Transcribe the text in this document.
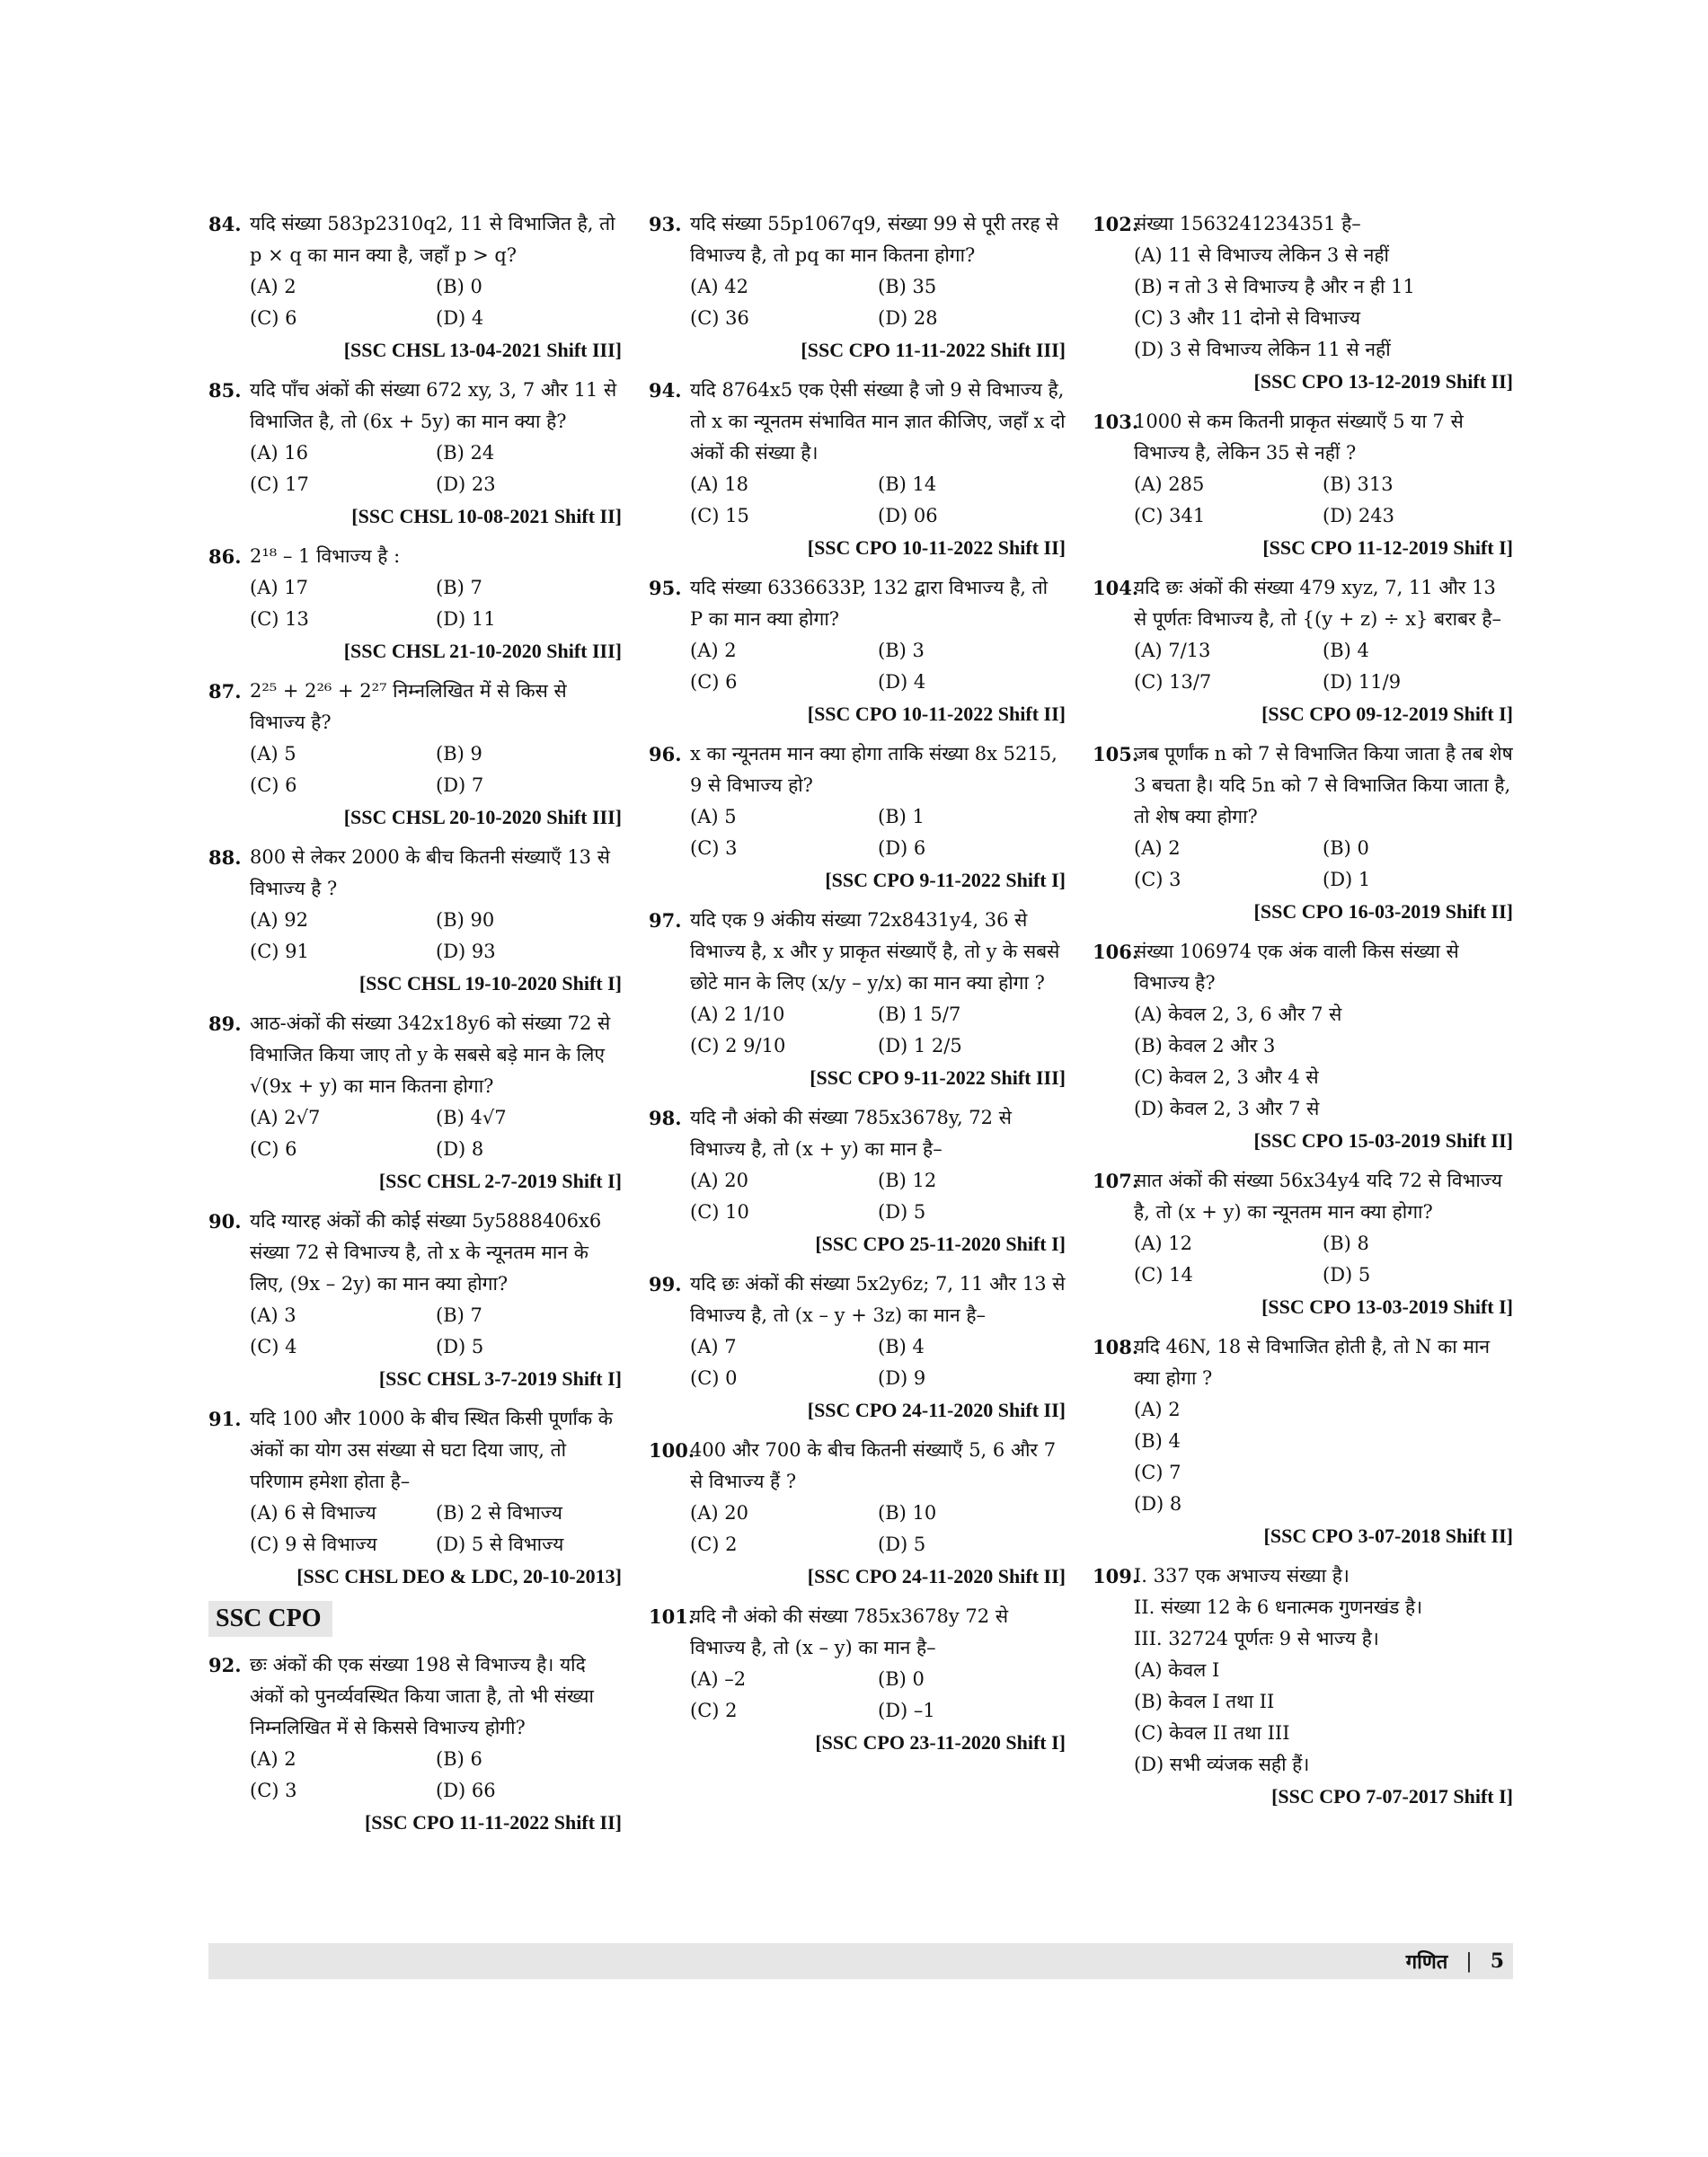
84. यदि संख्या 583p2310q2, 11 से विभाजित है, तो p × q का मान क्या है, जहाँ p > q?
(A) 2	(B) 0
(C) 6	(D) 4
[SSC CHSL 13-04-2021 Shift III]
85. यदि पाँच अंकों की संख्या 672 xy, 3, 7 और 11 से विभाजित है, तो (6x + 5y) का मान क्या है?
(A) 16	(B) 24
(C) 17	(D) 23
[SSC CHSL 10-08-2021 Shift II]
86. 2¹⁸ – 1 विभाज्य है :
(A) 17	(B) 7
(C) 13	(D) 11
[SSC CHSL 21-10-2020 Shift III]
87. 2²⁵ + 2²⁶ + 2²⁷ निम्नलिखित में से किस से विभाज्य है?
(A) 5	(B) 9
(C) 6	(D) 7
[SSC CHSL 20-10-2020 Shift III]
88. 800 से लेकर 2000 के बीच कितनी संख्याएँ 13 से विभाज्य है ?
(A) 92	(B) 90
(C) 91	(D) 93
[SSC CHSL 19-10-2020 Shift I]
89. आठ-अंकों की संख्या 342x18y6 को संख्या 72 से विभाजित किया जाए तो y के सबसे बड़े मान के लिए √(9x + y) का मान कितना होगा?
(A) 2√7	(B) 4√7
(C) 6	(D) 8
[SSC CHSL 2-7-2019 Shift I]
90. यदि ग्यारह अंकों की कोई संख्या 5y5888406x6 संख्या 72 से विभाज्य है, तो x के न्यूनतम मान के लिए, (9x – 2y) का मान क्या होगा?
(A) 3	(B) 7
(C) 4	(D) 5
[SSC CHSL 3-7-2019 Shift I]
91. यदि 100 और 1000 के बीच स्थित किसी पूर्णांक के अंकों का योग उस संख्या से घटा दिया जाए, तो परिणाम हमेशा होता है–
(A) 6 से विभाज्य	(B) 2 से विभाज्य
(C) 9 से विभाज्य	(D) 5 से विभाज्य
[SSC CHSL DEO & LDC, 20-10-2013]
SSC CPO
92. छः अंकों की एक संख्या 198 से विभाज्य है। यदि अंकों को पुनर्व्यवस्थित किया जाता है, तो भी संख्या निम्नलिखित में से किससे विभाज्य होगी?
(A) 2	(B) 6
(C) 3	(D) 66
[SSC CPO 11-11-2022 Shift II]
93. यदि संख्या 55p1067q9, संख्या 99 से पूरी तरह से विभाज्य है, तो pq का मान कितना होगा?
(A) 42	(B) 35
(C) 36	(D) 28
[SSC CPO 11-11-2022 Shift III]
94. यदि 8764x5 एक ऐसी संख्या है जो 9 से विभाज्य है, तो x का न्यूनतम संभावित मान ज्ञात कीजिए, जहाँ x दो अंकों की संख्या है।
(A) 18	(B) 14
(C) 15	(D) 06
[SSC CPO 10-11-2022 Shift II]
95. यदि संख्या 6336633P, 132 द्वारा विभाज्य है, तो P का मान क्या होगा?
(A) 2	(B) 3
(C) 6	(D) 4
[SSC CPO 10-11-2022 Shift II]
96. x का न्यूनतम मान क्या होगा ताकि संख्या 8x 5215, 9 से विभाज्य हो?
(A) 5	(B) 1
(C) 3	(D) 6
[SSC CPO 9-11-2022 Shift I]
97. यदि एक 9 अंकीय संख्या 72x8431y4, 36 से विभाज्य है, x और y प्राकृत संख्याएँ है, तो y के सबसे छोटे मान के लिए (x/y – y/x) का मान क्या होगा ?
(A) 2 1/10	(B) 1 5/7
(C) 2 9/10	(D) 1 2/5
[SSC CPO 9-11-2022 Shift III]
98. यदि नौ अंको की संख्या 785x3678y, 72 से विभाज्य है, तो (x + y) का मान है–
(A) 20	(B) 12
(C) 10	(D) 5
[SSC CPO 25-11-2020 Shift I]
99. यदि छः अंकों की संख्या 5x2y6z; 7, 11 और 13 से विभाज्य है, तो (x – y + 3z) का मान है–
(A) 7	(B) 4
(C) 0	(D) 9
[SSC CPO 24-11-2020 Shift II]
100.
400 और 700 के बीच कितनी संख्याएँ 5, 6 और 7 से विभाज्य हैं ?
(A) 20	(B) 10
(C) 2	(D) 5
[SSC CPO 24-11-2020 Shift II]
101.
यदि नौ अंको की संख्या 785x3678y 72 से विभाज्य है, तो (x – y) का मान है–
(A) –2	(B) 0
(C) 2	(D) –1
[SSC CPO 23-11-2020 Shift I]
102.
संख्या 1563241234351 है–
(A) 11 से विभाज्य लेकिन 3 से नहीं
(B) न तो 3 से विभाज्य है और न ही 11
(C) 3 और 11 दोनो से विभाज्य
(D) 3 से विभाज्य लेकिन 11 से नहीं
[SSC CPO 13-12-2019 Shift II]
103.
1000 से कम कितनी प्राकृत संख्याएँ 5 या 7 से विभाज्य है, लेकिन 35 से नहीं ?
(A) 285	(B) 313
(C) 341	(D) 243
[SSC CPO 11-12-2019 Shift I]
104.
यदि छः अंकों की संख्या 479 xyz, 7, 11 और 13 से पूर्णतः विभाज्य है, तो {(y + z) ÷ x} बराबर है–
(A) 7/13	(B) 4
(C) 13/7	(D) 11/9
[SSC CPO 09-12-2019 Shift I]
105.
जब पूर्णांक n को 7 से विभाजित किया जाता है तब शेष 3 बचता है। यदि 5n को 7 से विभाजित किया जाता है, तो शेष क्या होगा?
(A) 2	(B) 0
(C) 3	(D) 1
[SSC CPO 16-03-2019 Shift II]
106.
संख्या 106974 एक अंक वाली किस संख्या से विभाज्य है?
(A) केवल 2, 3, 6 और 7 से
(B) केवल 2 और 3
(C) केवल 2, 3 और 4 से
(D) केवल 2, 3 और 7 से
[SSC CPO 15-03-2019 Shift II]
107.
सात अंकों की संख्या 56x34y4 यदि 72 से विभाज्य है, तो (x + y) का न्यूनतम मान क्या होगा?
(A) 12	(B) 8
(C) 14	(D) 5
[SSC CPO 13-03-2019 Shift I]
108.
यदि 46N, 18 से विभाजित होती है, तो N का मान क्या होगा ?
(A) 2
(B) 4
(C) 7
(D) 8
[SSC CPO 3-07-2018 Shift II]
109.
I. 337 एक अभाज्य संख्या है।
II. संख्या 12 के 6 धनात्मक गुणनखंड है।
III. 32724 पूर्णतः 9 से भाज्य है।
(A) केवल I
(B) केवल I तथा II
(C) केवल II तथा III
(D) सभी व्यंजक सही हैं।
[SSC CPO 7-07-2017 Shift I]
गणित | 5
